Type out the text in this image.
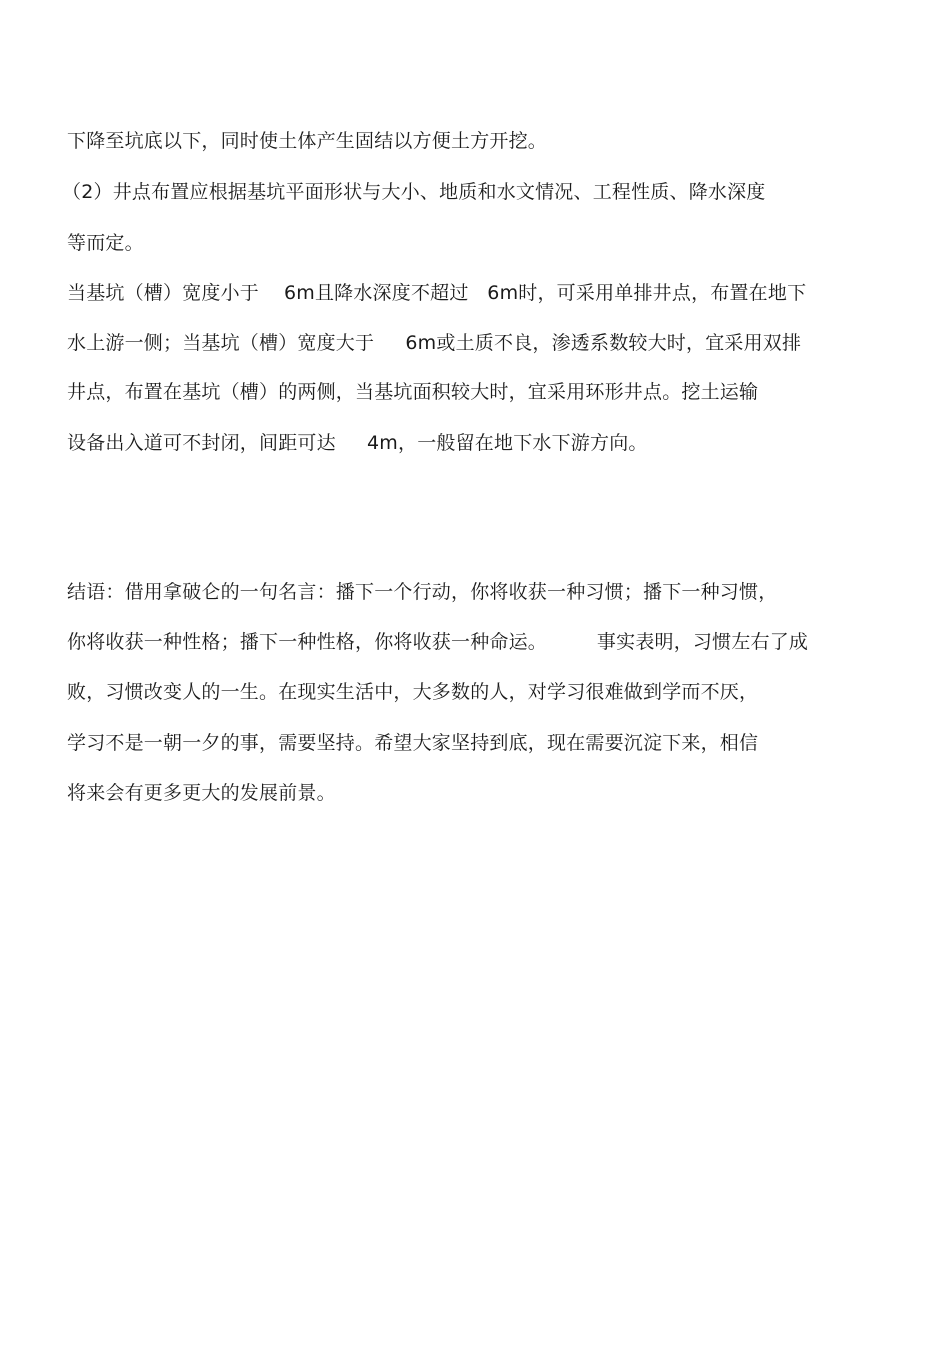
下降至坑底以下，同时使土体产生固结以方便土方开挖。
（2）井点布置应根据基坑平面形状与大小、地质和水文情况、工程性质、降水深度
等而定。
当基坑（槽）宽度小于    6m且降水深度不超过   6m时，可采用单排井点，布置在地下
水上游一侧；当基坑（槽）宽度大于     6m或土质不良，渗透系数较大时，宜采用双排
井点，布置在基坑（槽）的两侧，当基坑面积较大时，宜采用环形井点。挖土运输
设备出入道可不封闭，间距可达     4m，一般留在地下水下游方向。
结语：借用拿破仑的一句名言：播下一个行动，你将收获一种习惯；播下一种习惯，
你将收获一种性格；播下一种性格，你将收获一种命运。        事实表明，习惯左右了成
败，习惯改变人的一生。在现实生活中，大多数的人，对学习很难做到学而不厌，
学习不是一朝一夕的事，需要坚持。希望大家坚持到底，现在需要沉淀下来，相信
将来会有更多更大的发展前景。
